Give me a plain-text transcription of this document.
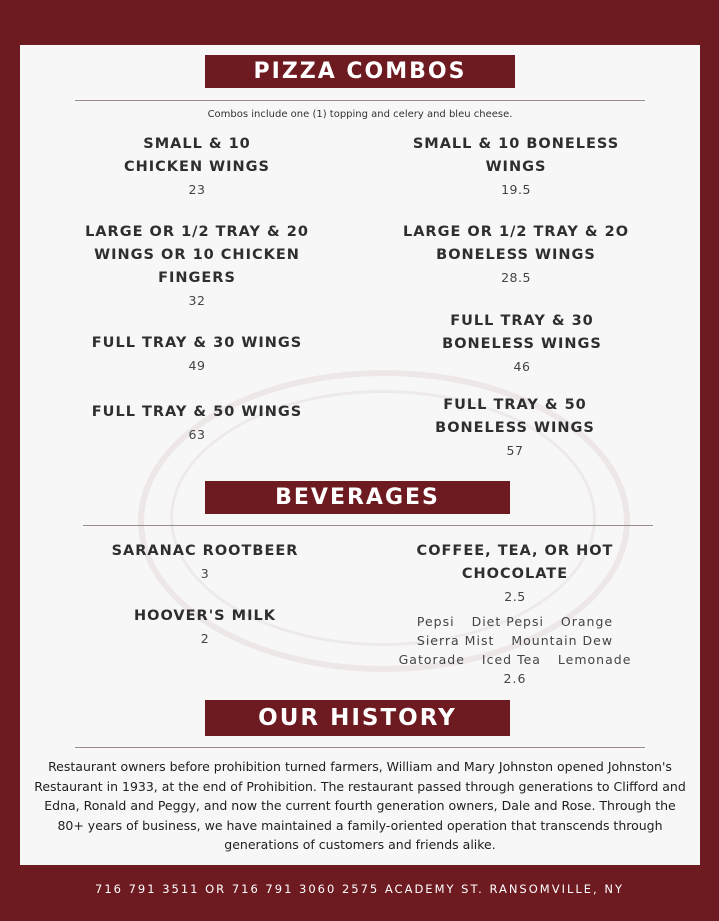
PIZZA COMBOS
Combos include one (1) topping and celery and bleu cheese.
SMALL & 10 CHICKEN WINGS
23
SMALL & 10 BONELESS WINGS
19.5
LARGE OR 1/2 TRAY & 20 WINGS OR 10 CHICKEN FINGERS
32
LARGE OR 1/2 TRAY & 2O BONELESS WINGS
28.5
FULL TRAY & 30 WINGS
49
FULL TRAY & 30 BONELESS WINGS
46
FULL TRAY & 50 WINGS
63
FULL TRAY & 50 BONELESS WINGS
57
BEVERAGES
SARANAC ROOTBEER
3
COFFEE, TEA, OR HOT CHOCOLATE
2.5
HOOVER'S MILK
2
Pepsi Diet Pepsi Orange
Sierra Mist Mountain Dew
Gatorade Iced Tea Lemonade
2.6
OUR HISTORY
Restaurant owners before prohibition turned farmers, William and Mary Johnston opened Johnston's Restaurant in 1933, at the end of Prohibition. The restaurant passed through generations to Clifford and Edna, Ronald and Peggy, and now the current fourth generation owners, Dale and Rose. Through the 80+ years of business, we have maintained a family-oriented operation that transcends through generations of customers and friends alike.
716 791 3511 OR 716 791 3060 2575 ACADEMY ST. RANSOMVILLE, NY
